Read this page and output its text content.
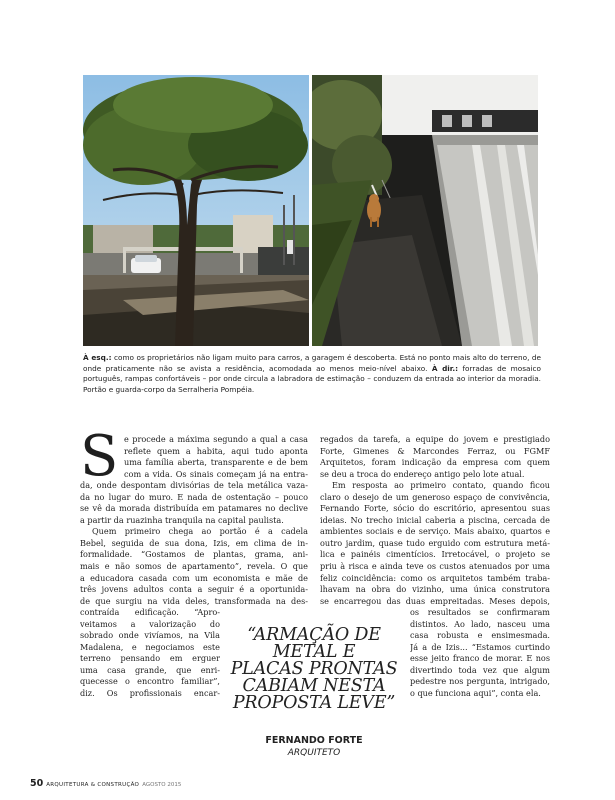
À esq.: como os proprietários não ligam muito para carros, a garagem é descoberta. Está no ponto mais alto do terreno, de onde praticamente não se avista a residência, acomodada ao menos meio-nível abaixo. À dir.: forradas de mosaico português, rampas confortáveis – por onde circula a labradora de estimação – conduzem da entrada ao interior da moradia. Portão e guarda-corpo da Serralheria Pompéia.
S e procede a máxima segundo a qual a casa
reflete quem a habita, aqui tudo aponta
uma família aberta, transparente e de bem
com a vida. Os sinais começam já na entra-
da, onde despontam divisórias de tela metálica vaza-
da no lugar do muro. E nada de ostentação – pouco
se vê da morada distribuída em patamares no declive
a partir da ruazinha tranquila na capital paulista.
Quem primeiro chega ao portão é a cadela
Bebel, seguida de sua dona, Izis, em clima de in-
formalidade. “Gostamos de plantas, grama, ani-
mais e não somos de apartamento”, revela. O que
a educadora casada com um economista e mãe de
três jovens adultos conta a seguir é a oportunida-
de que surgiu na vida deles, transformada na des-
contraída edificação. “Apro-
veitamos a valorização do
sobrado onde vivíamos, na Vila
Madalena, e negociamos este
terreno pensando em erguer
uma casa grande, que enri-
quecesse o encontro familiar”,
diz. Os profissionais encar-
regados da tarefa, a equipe do jovem e prestigiado
Forte, Gimenes & Marcondes Ferraz, ou FGMF
Arquitetos, foram indicação da empresa com quem
se deu a troca do endereço antigo pelo lote atual.
Em resposta ao primeiro contato, quando ficou
claro o desejo de um generoso espaço de convivência,
Fernando Forte, sócio do escritório, apresentou suas
ideias. No trecho inicial caberia a piscina, cercada de
ambientes sociais e de serviço. Mais abaixo, quartos e
outro jardim, quase tudo erguido com estrutura metá-
lica e painéis cimentícios. Irretocável, o projeto se
priu à risca e ainda teve os custos atenuados por uma
feliz coincidência: como os arquitetos também traba-
lhavam na obra do vizinho, uma única construtora
se encarregou das duas empreitadas. Meses depois,
os resultados se confirmaram
distintos. Ao lado, nasceu uma
casa robusta e ensimesmada.
Já a de Izis... “Estamos curtindo
esse jeito franco de morar. E nos
divertindo toda vez que algum
pedestre nos pergunta, intrigado,
o que funciona aqui”, conta ela.
“ARMAÇÃO DE
METAL E
PLACAS PRONTAS
CABIAM NESTA
PROPOSTA LEVE”
FERNANDO FORTE
ARQUITETO
50 ARQUITETURA & CONSTRUÇÃO AGOSTO 2015
